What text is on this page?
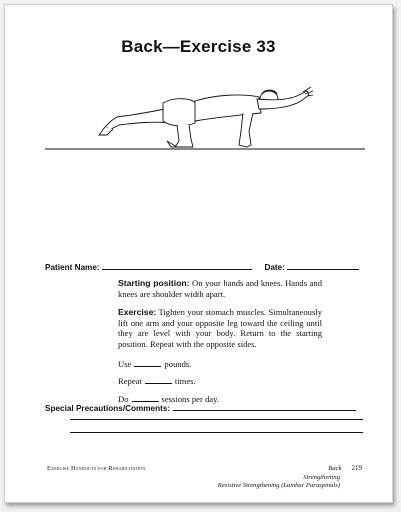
Back—Exercise 33
Patient Name:	Date:

Starting position: On your hands and knees. Hands and knees are shoulder width apart.

Exercise: Tighten your stomach muscles. Simultaneously lift one arm and your opposite leg toward the ceiling until they are level with your body. Return to the starting position. Repeat with the opposite sides.

Use	pounds.
Repeat	times.
Do	sessions per day.
Special Precautions/Comments:
Exercise Handouts for Rehabilitation	Back 219
Strengthening
Resistive Strengthening (Lumbar Paraspinals)
